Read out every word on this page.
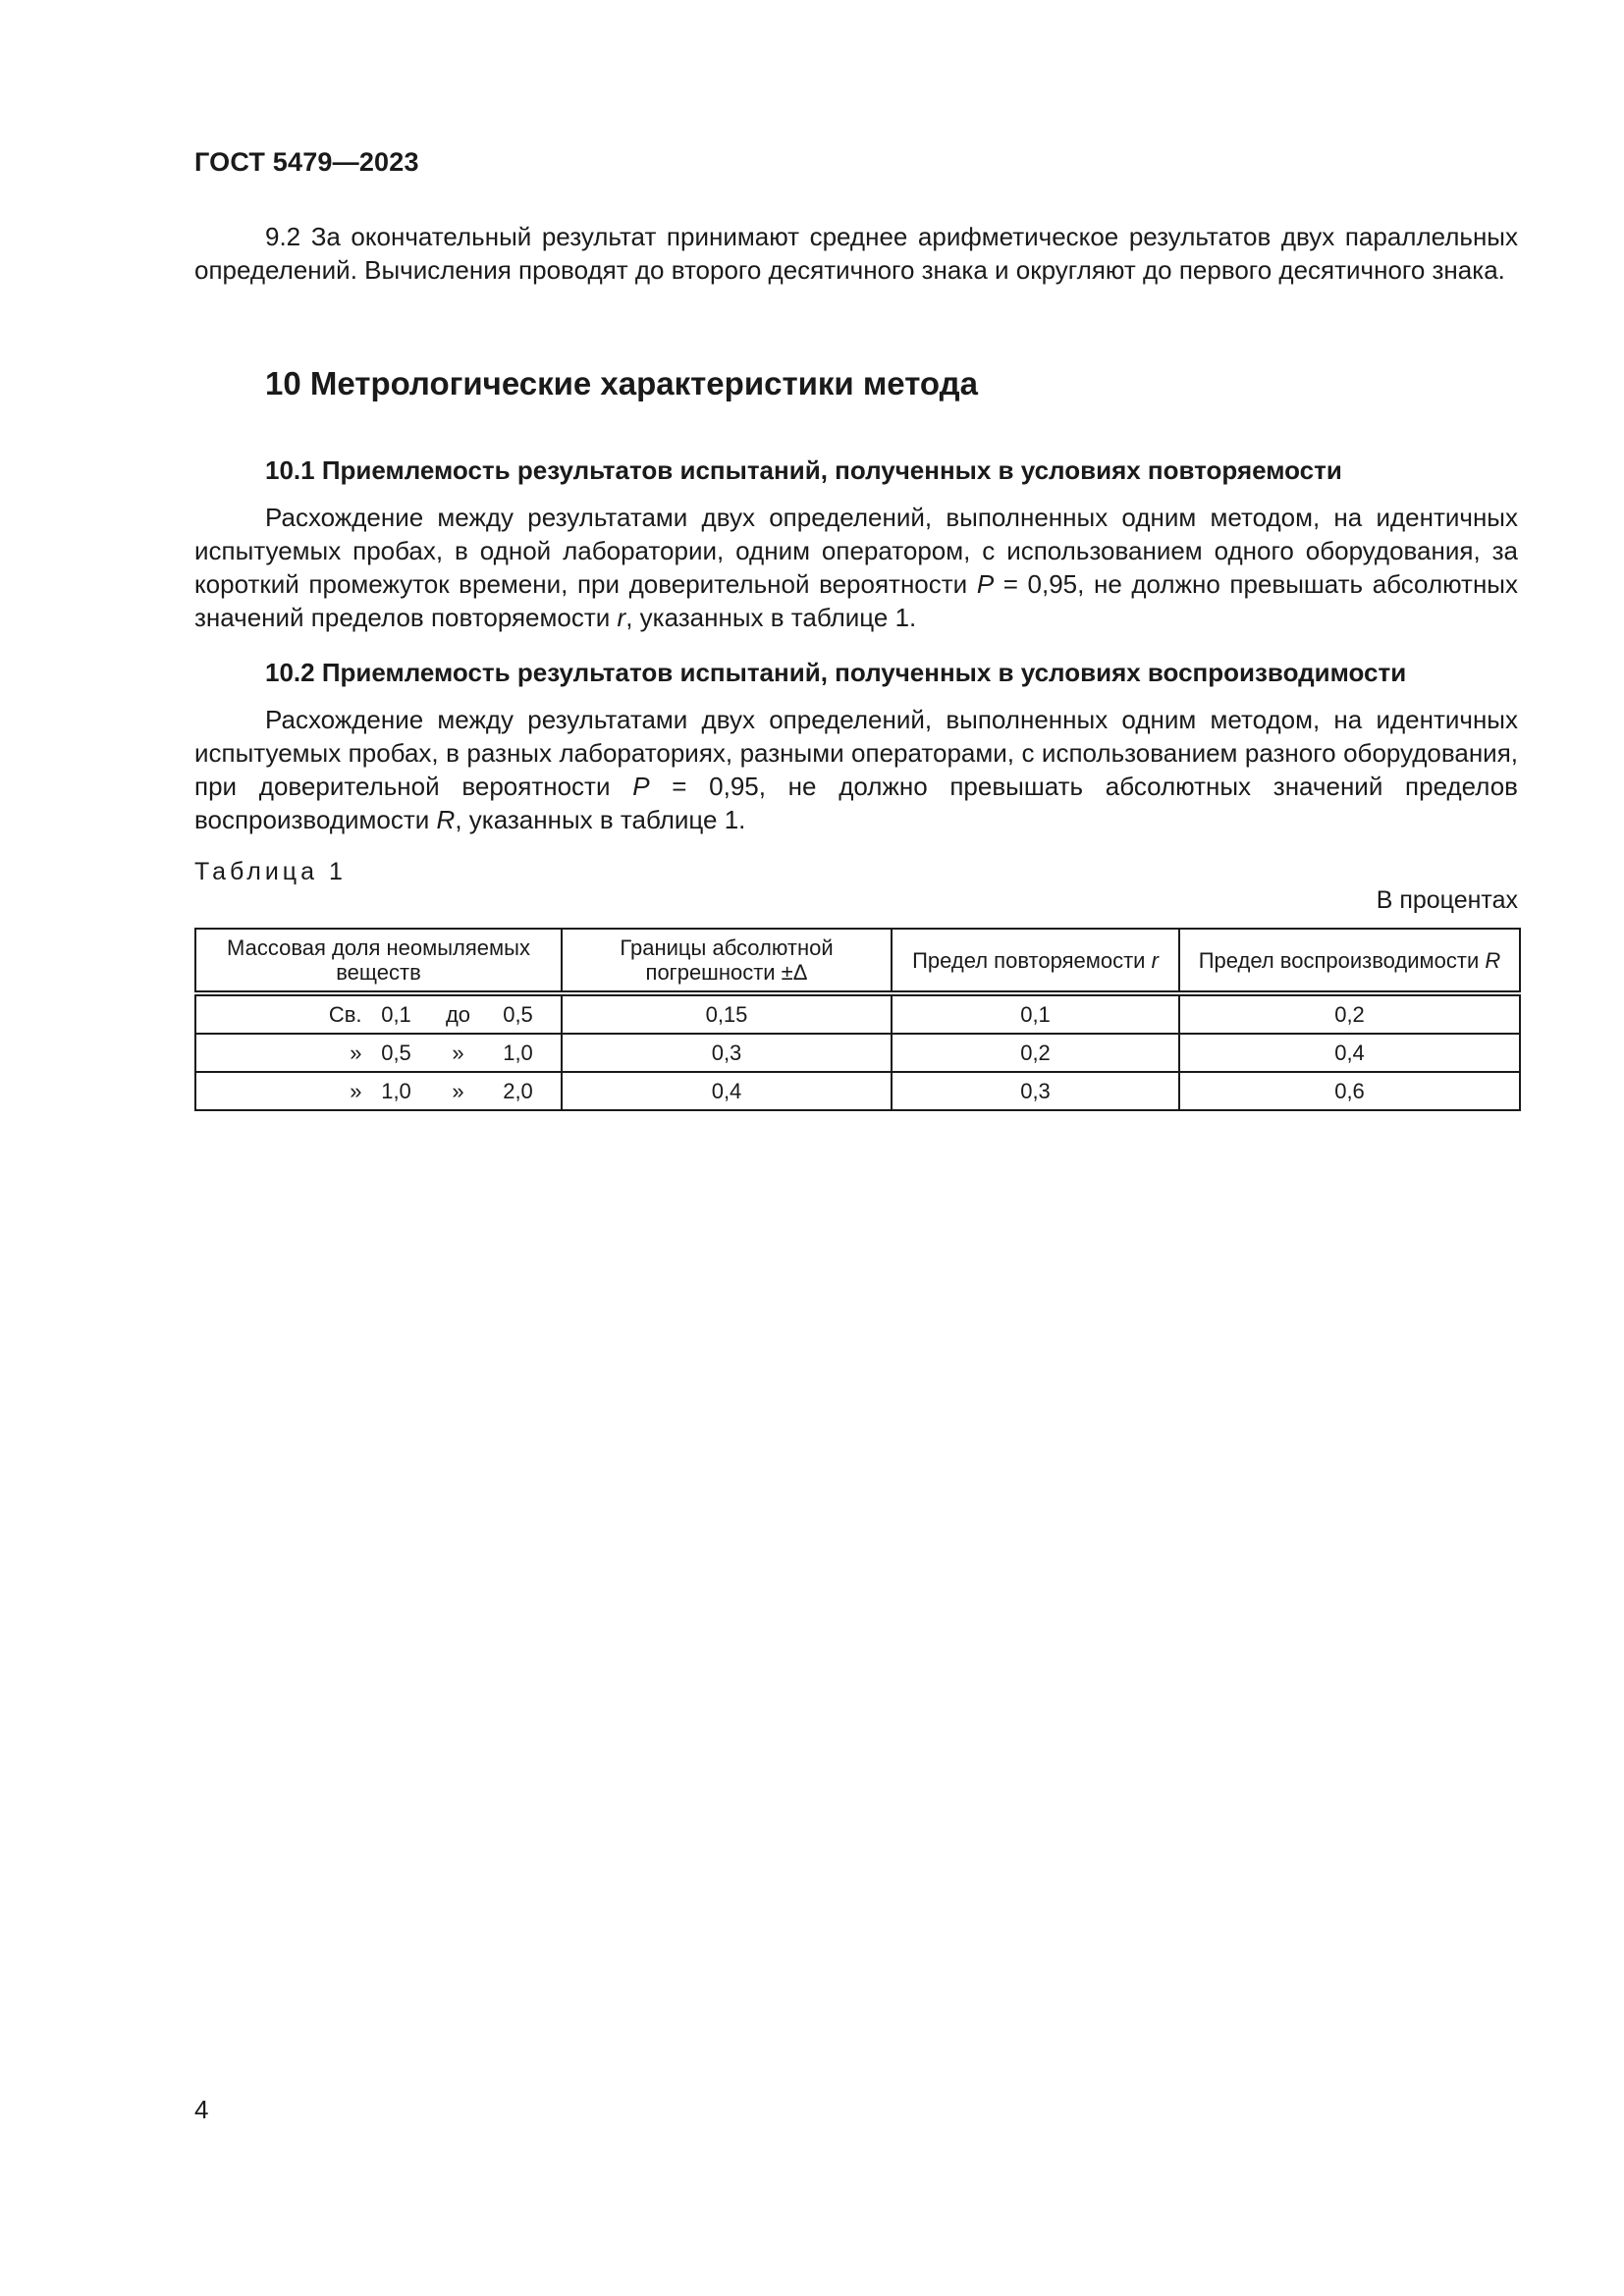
ГОСТ 5479—2023

9.2 За окончательный результат принимают среднее арифметическое результатов двух параллельных определений. Вычисления проводят до второго десятичного знака и округляют до первого десятичного знака.

10 Метрологические характеристики метода
10.1 Приемлемость результатов испытаний, полученных в условиях повторяемости

Расхождение между результатами двух определений, выполненных одним методом, на идентичных испытуемых пробах, в одной лаборатории, одним оператором, с использованием одного оборудования, за короткий промежуток времени, при доверительной вероятности P = 0,95, не должно превышать абсолютных значений пределов повторяемости r, указанных в таблице 1.

10.2 Приемлемость результатов испытаний, полученных в условиях воспроизводимости

Расхождение между результатами двух определений, выполненных одним методом, на идентичных испытуемых пробах, в разных лабораториях, разными операторами, с использованием разного оборудования, при доверительной вероятности P = 0,95, не должно превышать абсолютных значений пределов воспроизводимости R, указанных в таблице 1.

Таблица 1
В процентах
Массовая доля неомыляемых веществ	Границы абсолютной погрешности ±Δ	Предел повторяемости r	Предел воспроизводимости R
Св. 0,1 до 0,5	0,15	0,1	0,2
» 0,5 » 1,0	0,3	0,2	0,4
» 1,0 » 2,0	0,4	0,3	0,6
4
